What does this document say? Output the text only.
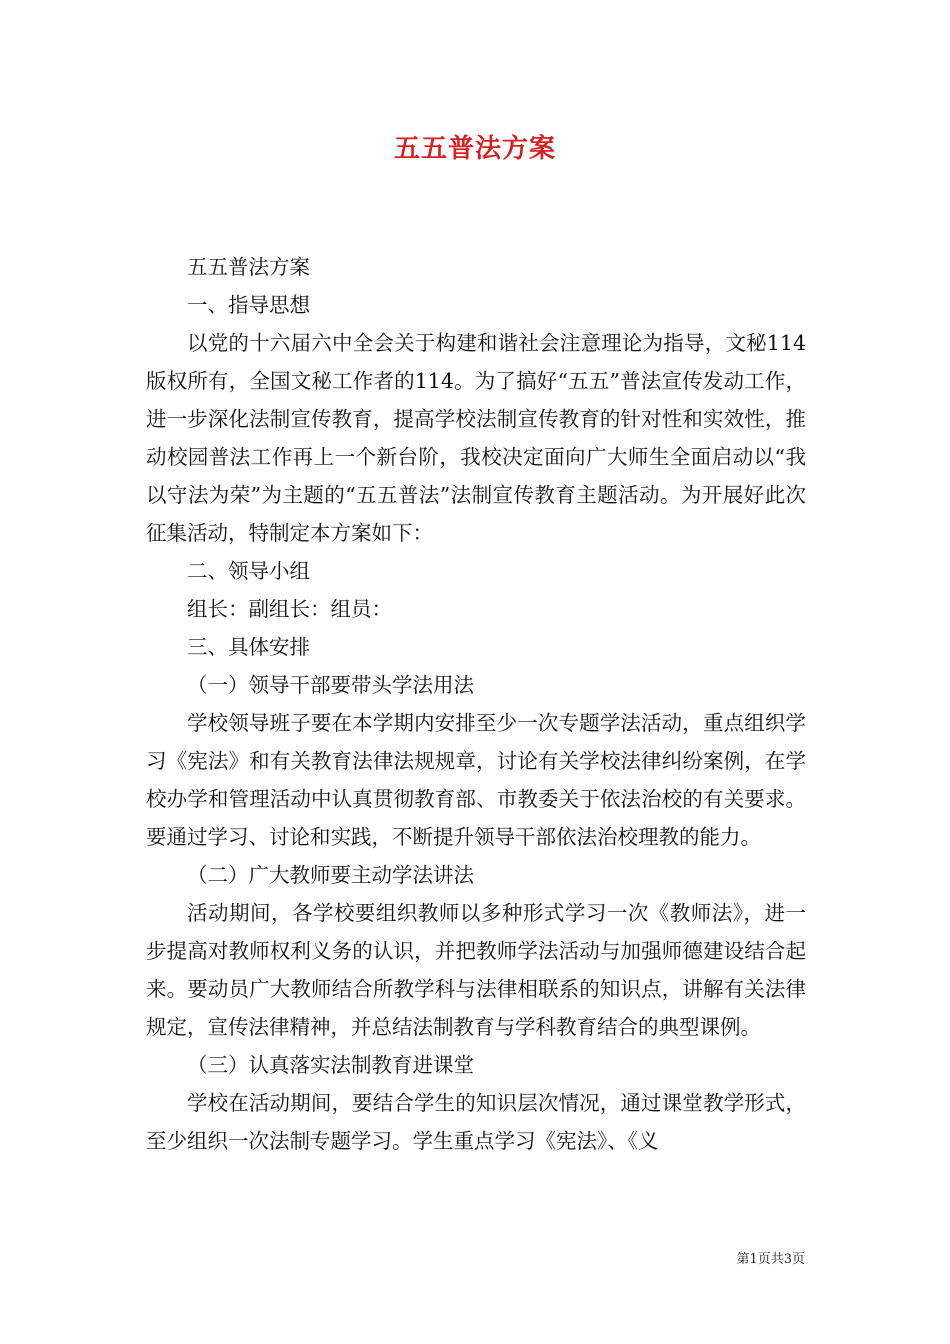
五五普法方案

五五普法方案

一、指导思想

以党的十六届六中全会关于构建和谐社会注意理论为指导，文秘114版权所有，全国文秘工作者的114。为了搞好“五五”普法宣传发动工作，进一步深化法制宣传教育，提高学校法制宣传教育的针对性和实效性，推动校园普法工作再上一个新台阶，我校决定面向广大师生全面启动以“我以守法为荣”为主题的“五五普法”法制宣传教育主题活动。为开展好此次征集活动，特制定本方案如下：

二、领导小组

组长：副组长：组员：

三、具体安排

（一）领导干部要带头学法用法

学校领导班子要在本学期内安排至少一次专题学法活动，重点组织学习《宪法》和有关教育法律法规规章，讨论有关学校法律纠纷案例，在学校办学和管理活动中认真贯彻教育部、市教委关于依法治校的有关要求。要通过学习、讨论和实践，不断提升领导干部依法治校理教的能力。

（二）广大教师要主动学法讲法

活动期间，各学校要组织教师以多种形式学习一次《教师法》，进一步提高对教师权利义务的认识，并把教师学法活动与加强师德建设结合起来。要动员广大教师结合所教学科与法律相联系的知识点，讲解有关法律规定，宣传法律精神，并总结法制教育与学科教育结合的典型课例。

（三）认真落实法制教育进课堂

学校在活动期间，要结合学生的知识层次情况，通过课堂教学形式，至少组织一次法制专题学习。学生重点学习《宪法》、《义

第1页共3页
